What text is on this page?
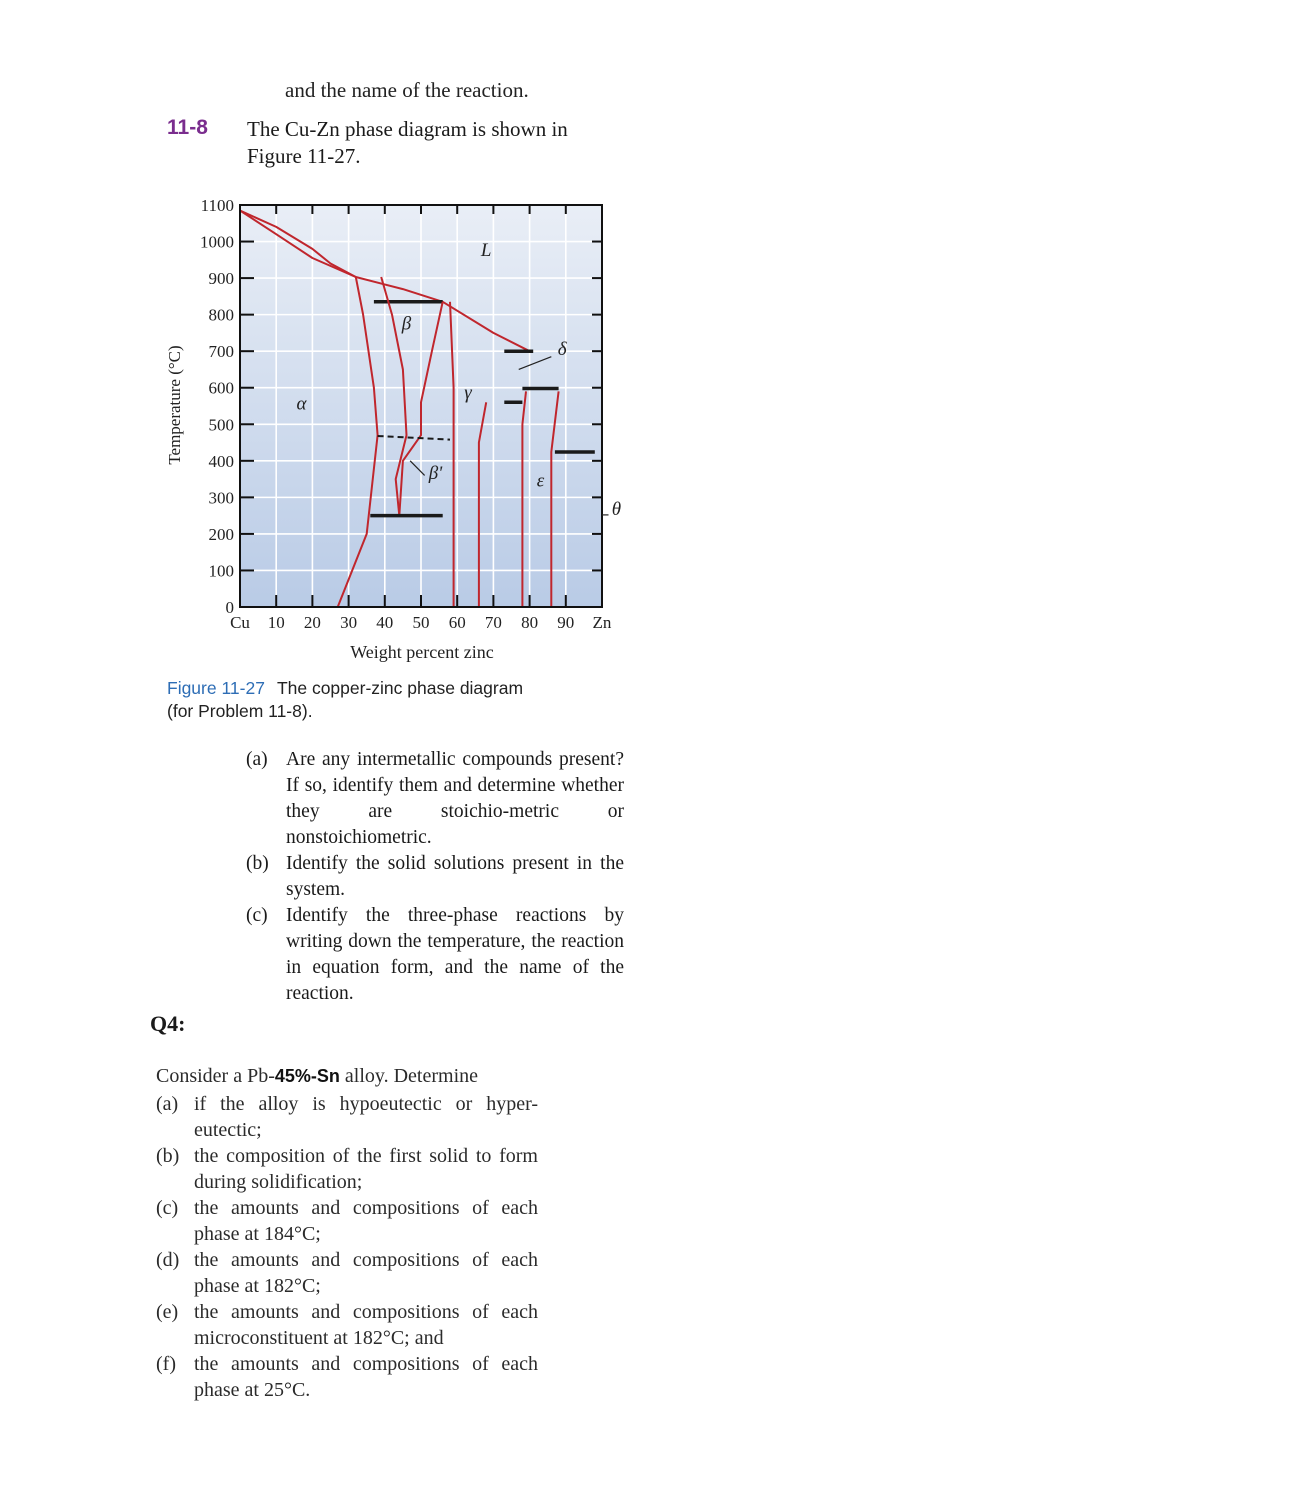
and the name of the reaction.
11-8 The Cu-Zn phase diagram is shown in
Figure 11-27.
0
100
200
300
400
500
600
700
800
900
1000
1100
Cu 10 20 30 40 50 60 70 80 90 Zn
L
β
α
γ
δ
β'	ε
θ
Temperature (°C)
Weight percent zinc
Figure 11-27 The copper-zinc phase diagram
(for Problem 11-8).
(a) Are any intermetallic compounds present? If so, identify them and determine whether they are stoichio-metric or nonstoichiometric.
(b) Identify the solid solutions present in the system.
(c) Identify the three-phase reactions by writing down the temperature, the reaction in equation form, and the name of the reaction.
Q4:
Consider a Pb-45%-Sn alloy. Determine
(a) if the alloy is hypoeutectic or hyper-eutectic;
(b) the composition of the first solid to form during solidification;
(c) the amounts and compositions of each phase at 184°C;
(d) the amounts and compositions of each phase at 182°C;
(e) the amounts and compositions of each microconstituent at 182°C; and
(f) the amounts and compositions of each phase at 25°C.
